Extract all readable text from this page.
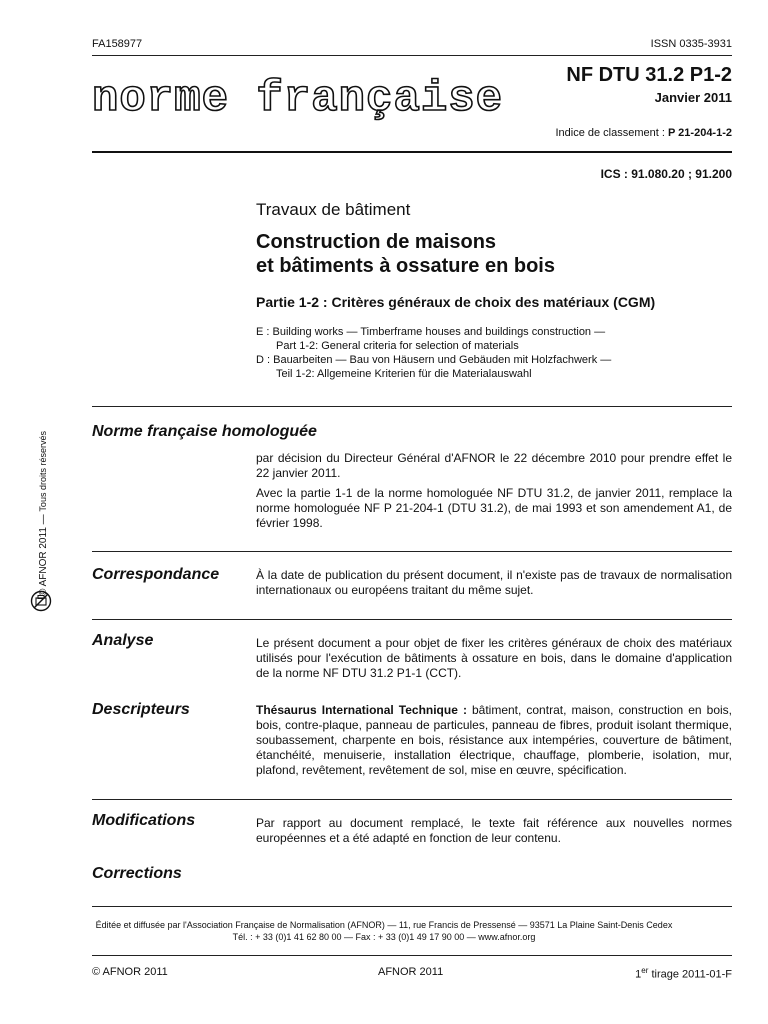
FA158977	ISSN 0335-3931
norme française	NF DTU 31.2 P1-2
Janvier 2011
Indice de classement : P 21-204-1-2
ICS : 91.080.20 ; 91.200
Travaux de bâtiment
Construction de maisons
et bâtiments à ossature en bois
Partie 1-2 : Critères généraux de choix des matériaux (CGM)
E : Building works — Timberframe houses and buildings construction —
Part 1-2: General criteria for selection of materials
D : Bauarbeiten — Bau von Häusern und Gebäuden mit Holzfachwerk —
Teil 1-2: Allgemeine Kriterien für die Materialauswahl
© AFNOR 2011 — Tous droits réservés	Norme française homologuée

par décision du Directeur Général d'AFNOR le 22 décembre 2010 pour prendre effet le 22 janvier 2011.

Avec la partie 1-1 de la norme homologuée NF DTU 31.2, de janvier 2011, remplace la norme homologuée NF P 21-204-1 (DTU 31.2), de mai 1993 et son amendement A1, de février 1998.

Correspondance	À la date de publication du présent document, il n'existe pas de travaux de normalisation internationaux ou européens traitant du même sujet.

Analyse	Le présent document a pour objet de fixer les critères généraux de choix des matériaux utilisés pour l'exécution de bâtiments à ossature en bois, dans le domaine d'application de la norme NF DTU 31.2 P1-1 (CCT).

Descripteurs	Thésaurus International Technique : bâtiment, contrat, maison, construction en bois, bois, contre-plaque, panneau de particules, panneau de fibres, produit isolant thermique, soubassement, charpente en bois, résistance aux intempéries, couverture de bâtiment, étanchéité, menuiserie, installation électrique, chauffage, plomberie, isolation, mur, plafond, revêtement, revêtement de sol, mise en œuvre, spécification.

Modifications	Par rapport au document remplacé, le texte fait référence aux nouvelles normes européennes et a été adapté en fonction de leur contenu.

Corrections
Éditée et diffusée par l'Association Française de Normalisation (AFNOR) — 11, rue Francis de Pressensé — 93571 La Plaine Saint-Denis Cedex
Tél. : + 33 (0)1 41 62 80 00 — Fax : + 33 (0)1 49 17 90 00 — www.afnor.org
© AFNOR 2011	AFNOR 2011	1er tirage 2011-01-F
